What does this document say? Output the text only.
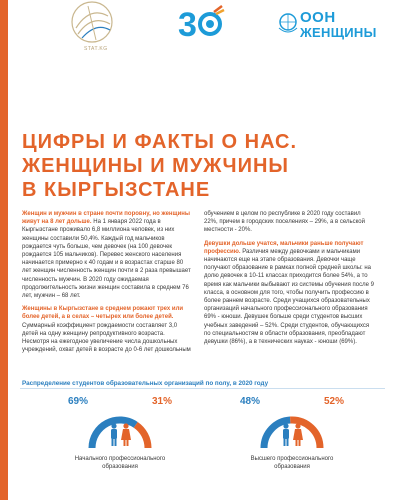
STAT.KG
3	ООН
ЖЕНЩИНЫ
ЦИФРЫ И ФАКТЫ О НАС.
ЖЕНЩИНЫ И МУЖЧИНЫ
В КЫРГЫЗСТАНЕ

Женщин и мужчин в стране почти поровну, но женщины живут на 8 лет дольше. На 1 января 2022 года в Кыргызстане проживало 6,8 миллиона человек, из них женщины составили 50,4%. Каждый год мальчиков рождается чуть больше, чем девочек (на 100 девочек рождается 105 мальчиков). Перевес женского населения начинается примерно к 40 годам и в возрастах старше 80 лет женщин численность женщин почти в 2 раза превышает численность мужчин. В 2020 году ожидаемая продолжительность жизни женщин составила в среднем 76 лет, мужчин – 68 лет.

Женщины в Кыргызстане в среднем рожают трех или более детей, а в селах – четырех или более детей. Суммарный коэффициент рождаемости составляет 3,0 детей на одну женщину репродуктивного возраста. Несмотря на ежегодное увеличение числа дошкольных учреждений, охват детей в возрасте до 0-6 лет дошкольным

обучением в целом по республике в 2020 году составил 22%, причем в городских поселениях – 29%, а в сельской местности - 20%.

Девушки дольше учатся, мальчики раньше получают профессию. Различия между девочками и мальчиками начинаются еще на этапе образования. Девочки чаще получают образование в рамках полной средней школы: на долю девочек в 10-11 классах приходится более 54%, а то время как мальчики выбывают из системы обучения после 9 класса, в основном для того, чтобы получить профессию в более раннем возрасте. Среди учащихся образовательных организаций начального профессионального образования 69% - юноши. Девушек больше среди студентов высших учебных заведений – 52%. Среди студентов, обучающихся по специальностям в области образования, преобладают девушки (86%), а в технических науках - юноши (69%).

Распределение студентов образовательных организаций по полу, в 2020 году
69%	31%
Начального профессионального
образования
48%	52%
Высшего профессионального
образования
